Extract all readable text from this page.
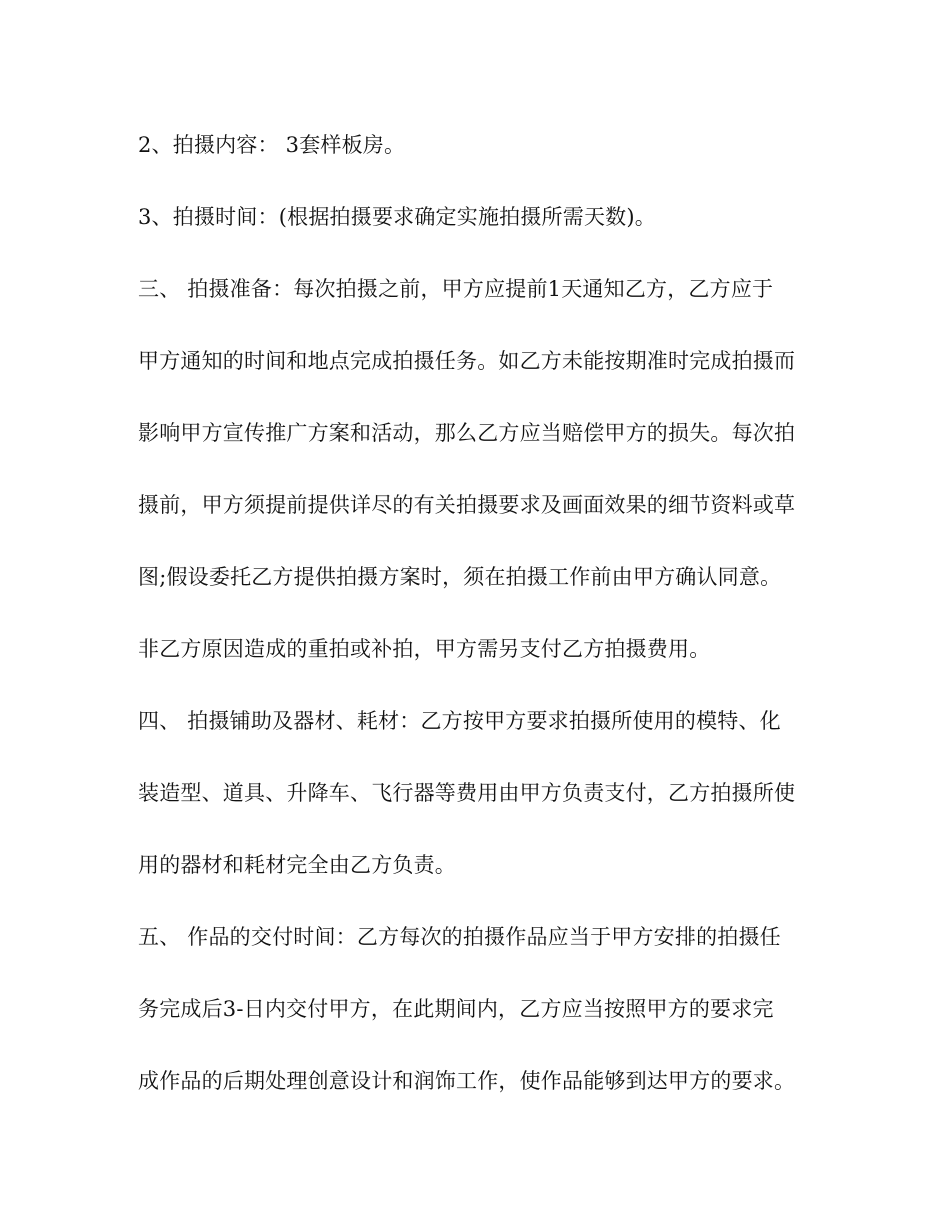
2、拍摄内容： 3套样板房。
3、拍摄时间：(根据拍摄要求确定实施拍摄所需天数)。
三、 拍摄准备：每次拍摄之前，甲方应提前1天通知乙方，乙方应于
甲方通知的时间和地点完成拍摄任务。如乙方未能按期准时完成拍摄而
影响甲方宣传推广方案和活动，那么乙方应当赔偿甲方的损失。每次拍
摄前，甲方须提前提供详尽的有关拍摄要求及画面效果的细节资料或草
图;假设委托乙方提供拍摄方案时，须在拍摄工作前由甲方确认同意。
非乙方原因造成的重拍或补拍，甲方需另支付乙方拍摄费用。
四、 拍摄铺助及器材、耗材：乙方按甲方要求拍摄所使用的模特、化
装造型、道具、升降车、飞行器等费用由甲方负责支付，乙方拍摄所使
用的器材和耗材完全由乙方负责。
五、 作品的交付时间：乙方每次的拍摄作品应当于甲方安排的拍摄任
务完成后3-日内交付甲方，在此期间内，乙方应当按照甲方的要求完
成作品的后期处理创意设计和润饰工作，使作品能够到达甲方的要求。
